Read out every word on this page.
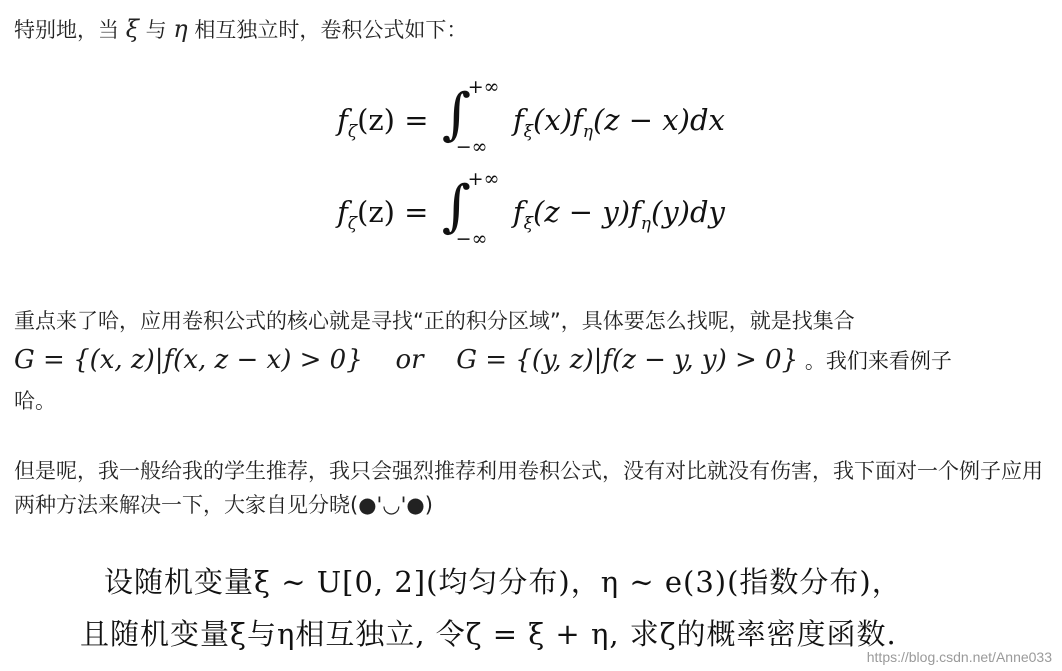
特别地，当 ξ 与 η 相互独立时，卷积公式如下：
$f_\zeta(z)$ = ∫
+∞
−∞
$f_\xi(x)f_\eta(z - x)dx$
$f_\zeta(z)$ = ∫
+∞
−∞
$f_\xi(z - y)f_\eta(y)dy$
重点来了哈，应用卷积公式的核心就是寻找“正的积分区域”，具体要怎么找呢，就是找集合
G = {(x, z)|f(x, z − x) > 0} or G = {(y, z)|f(z − y, y) > 0} 。我们来看例子
哈。
但是呢，我一般给我的学生推荐，我只会强烈推荐利用卷积公式，没有对比就没有伤害，我下面对一个例子应用两种方法来解决一下，大家自见分晓(●'◡'●)
设随机变量ξ ∼ U[0, 2](均匀分布)，η ∼ e(3)(指数分布)，
且随机变量ξ与η相互独立, 令ζ = ξ + η, 求ζ的概率密度函数.
https://blog.csdn.net/Anne033
